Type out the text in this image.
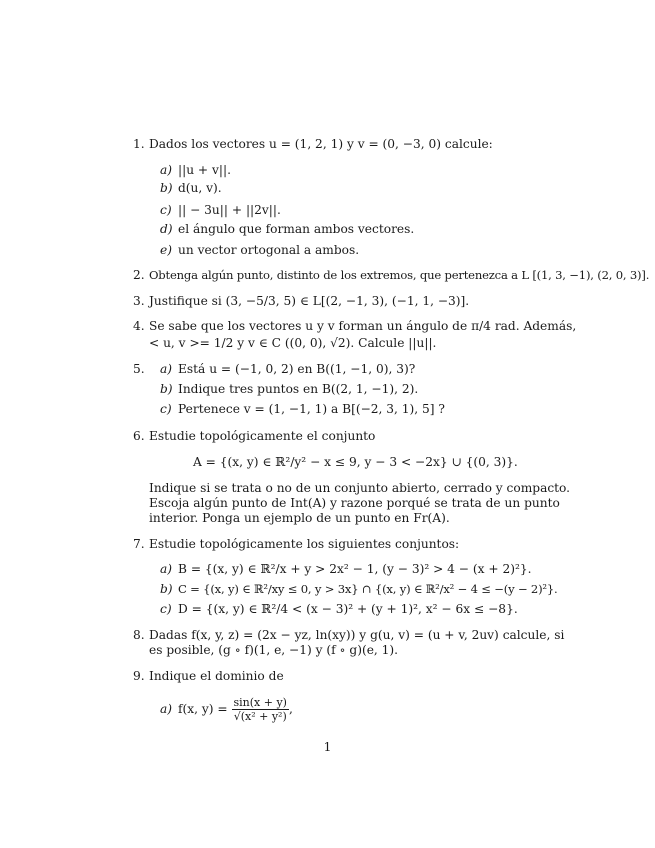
1. Dados los vectores u = (1, 2, 1) y v = (0, −3, 0) calcule:
a) ||u + v||.
b) d(u, v).
c) || − 3u|| + ||2v||.
d) el ángulo que forman ambos vectores.
e) un vector ortogonal a ambos.
2. Obtenga algún punto, distinto de los extremos, que pertenezca a L [(1, 3, −1), (2, 0, 3)].
3. Justifique si (3, −5/3, 5) ∈ L[(2, −1, 3), (−1, 1, −3)].
4. Se sabe que los vectores u y v forman un ángulo de π/4 rad. Además,
< u, v >= 1/2 y v ∈ C ((0, 0), √2). Calcule ||u||.
5. a) Está u = (−1, 0, 2) en B((1, −1, 0), 3)?
b) Indique tres puntos en B((2, 1, −1), 2).
c) Pertenece v = (1, −1, 1) a B[(−2, 3, 1), 5] ?
6. Estudie topológicamente el conjunto
A = {(x, y) ∈ ℝ²/y² − x ≤ 9, y − 3 < −2x} ∪ {(0, 3)}.
Indique si se trata o no de un conjunto abierto, cerrado y compacto.
Escoja algún punto de Int(A) y razone porqué se trata de un punto
interior. Ponga un ejemplo de un punto en Fr(A).
7. Estudie topológicamente los siguientes conjuntos:
a) B = {(x, y) ∈ ℝ²/x + y > 2x² − 1, (y − 3)² > 4 − (x + 2)²}.
b) C = {(x, y) ∈ ℝ²/xy ≤ 0, y > 3x} ∩ {(x, y) ∈ ℝ²/x² − 4 ≤ −(y − 2)²}.
c) D = {(x, y) ∈ ℝ²/4 < (x − 3)² + (y + 1)², x² − 6x ≤ −8}.
8. Dadas f(x, y, z) = (2x − yz, ln(xy)) y g(u, v) = (u + v, 2uv) calcule, si
es posible, (g ∘ f)(1, e, −1) y (f ∘ g)(e, 1).
9. Indique el dominio de
a) f(x, $y) = \frac{\sin(x + y)}{\text{√(x² + y²)}}$ ,
1
